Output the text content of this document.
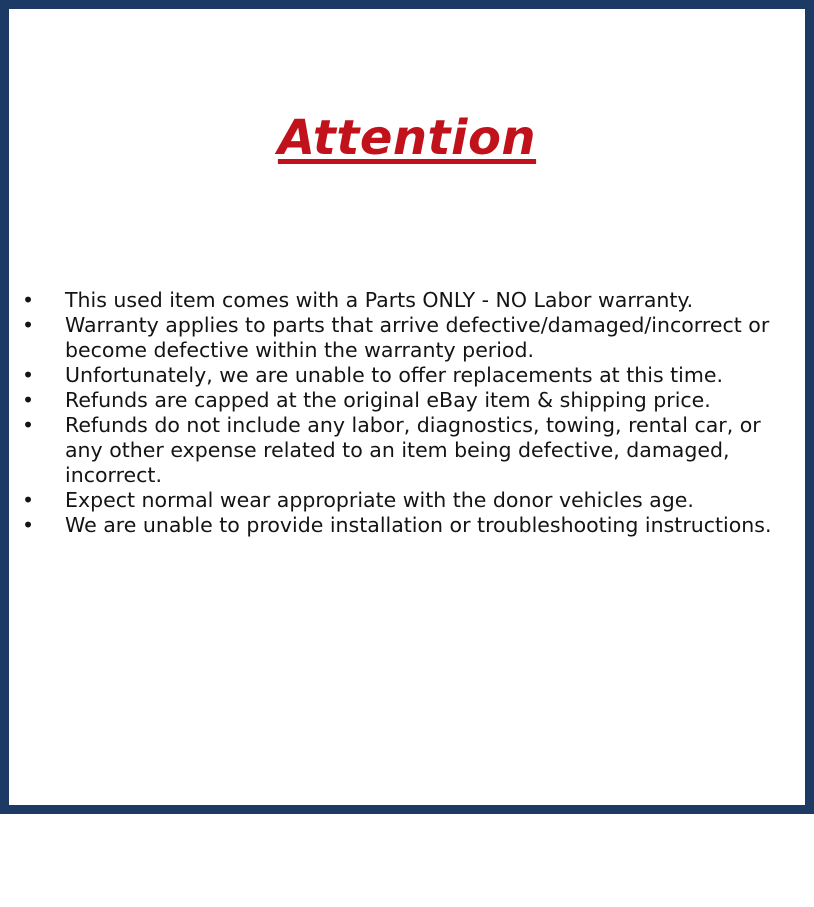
Attention
• This used item comes with a Parts ONLY - NO Labor warranty.
• Warranty applies to parts that arrive defective/damaged/incorrect or become defective within the warranty period.
• Unfortunately, we are unable to offer replacements at this time.
• Refunds are capped at the original eBay item & shipping price.
• Refunds do not include any labor, diagnostics, towing, rental car, or any other expense related to an item being defective, damaged, incorrect.
• Expect normal wear appropriate with the donor vehicles age.
• We are unable to provide installation or troubleshooting instructions.
